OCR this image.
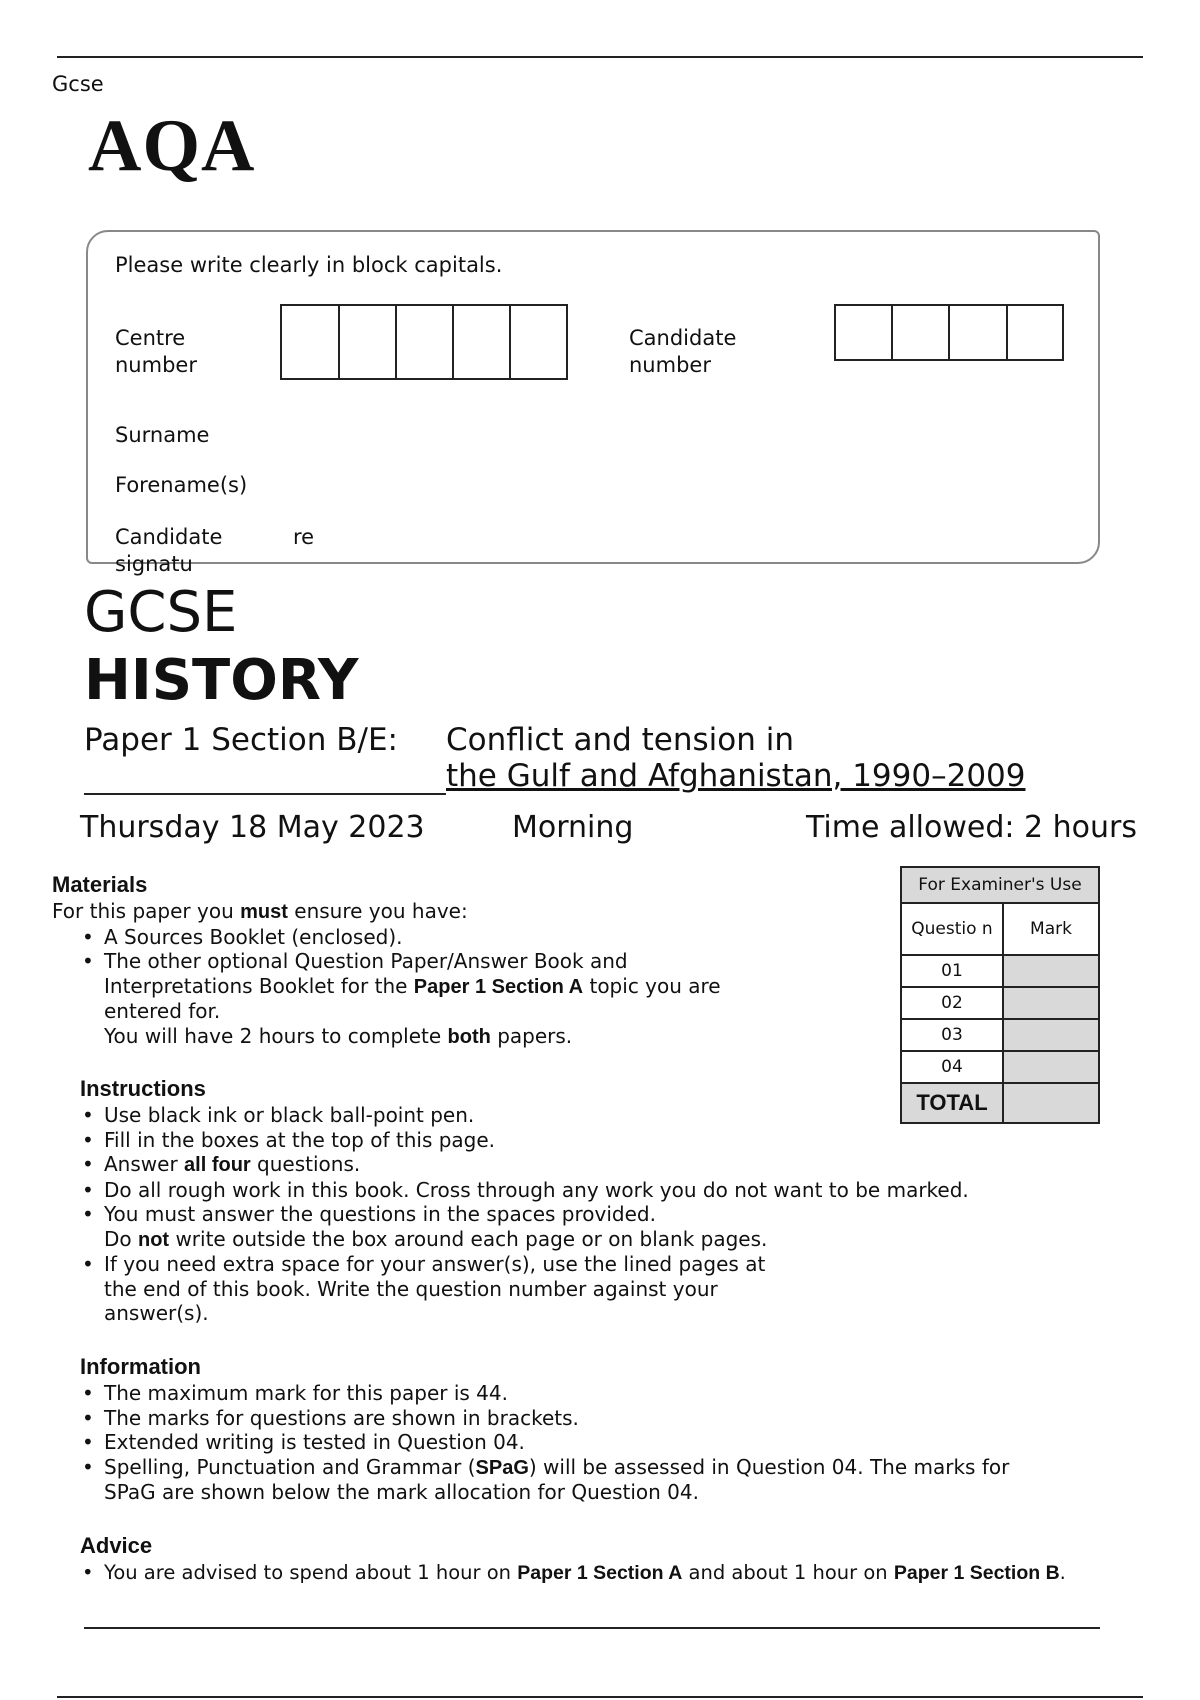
Gcse
AQA
Please write clearly in block capitals.
Centre number
Candidate number
Surname
Forename(s)
Candidate signatu
re
GCSE
HISTORY
Paper 1 Section B/E: Conflict and tension in
the Gulf and Afghanistan, 1990–2009
Thursday 18 May 2023	Morning	Time allowed: 2 hours
For Examiner's Use	
Questio n	Mark
01	
02	
03	
04	
TOTAL	
Materials
For this paper you must ensure you have:
• A Sources Booklet (enclosed).
• The other optional Question Paper/Answer Book and Interpretations Booklet for the Paper 1 Section A topic you are entered for.
You will have 2 hours to complete both papers.
Instructions
• Use black ink or black ball-point pen.
• Fill in the boxes at the top of this page.
• Answer all four questions.
• Do all rough work in this book. Cross through any work you do not want to be marked.
• You must answer the questions in the spaces provided.
Do not write outside the box around each page or on blank pages.
• If you need extra space for your answer(s), use the lined pages at the end of this book. Write the question number against your answer(s).
Information
• The maximum mark for this paper is 44.
• The marks for questions are shown in brackets.
• Extended writing is tested in Question 04.
• Spelling, Punctuation and Grammar (SPaG) will be assessed in Question 04. The marks for SPaG are shown below the mark allocation for Question 04.
Advice
• You are advised to spend about 1 hour on Paper 1 Section A and about 1 hour on Paper 1 Section B.
